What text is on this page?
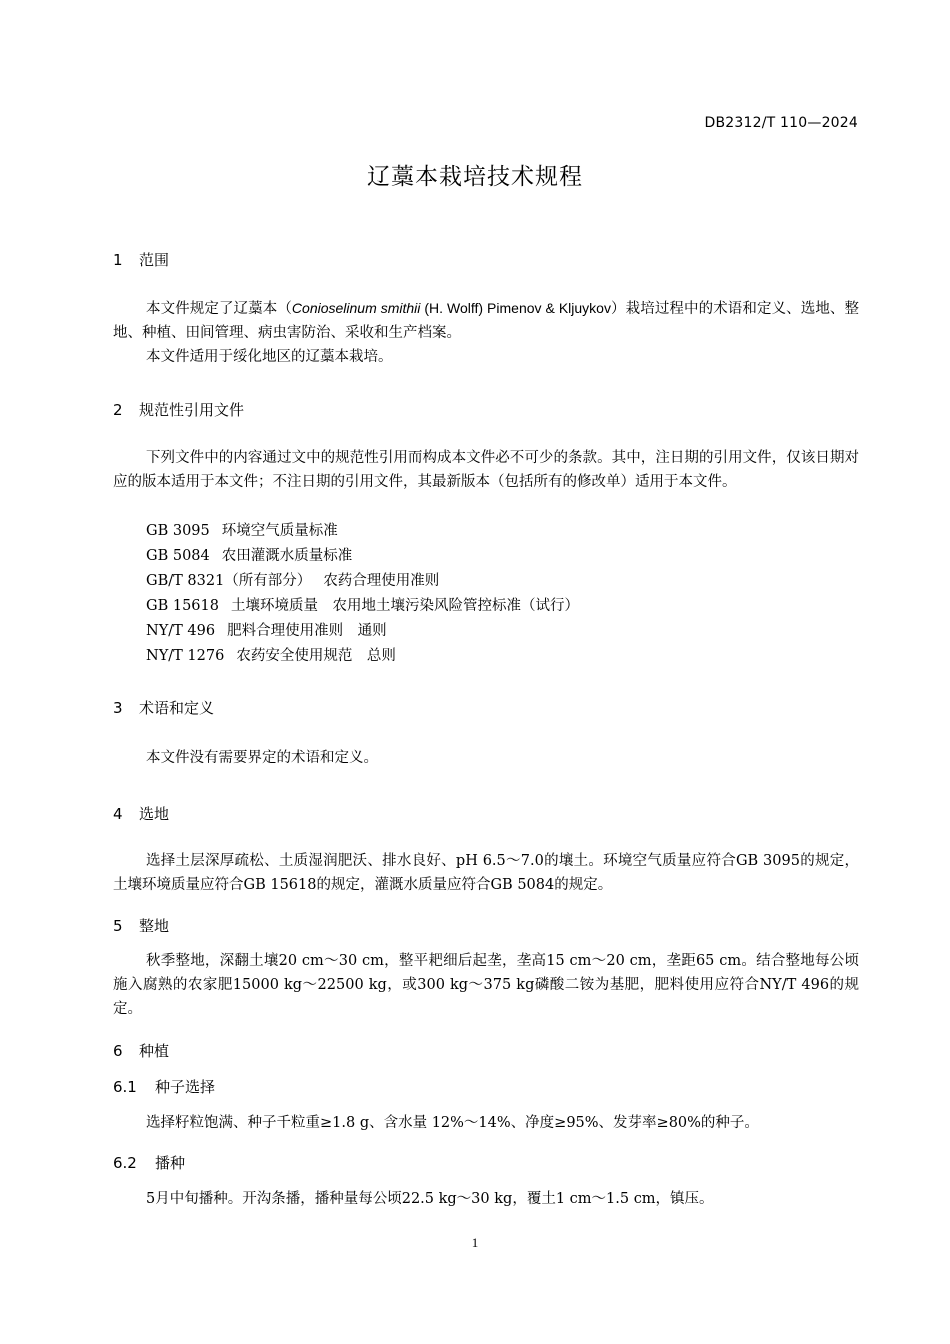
DB2312/T 110—2024
辽藁本栽培技术规程
1 范围
本文件规定了辽藁本（Conioselinum smithii (H. Wolff) Pimenov & Kljuykov）栽培过程中的术语和定义、选地、整地、种植、田间管理、病虫害防治、采收和生产档案。
本文件适用于绥化地区的辽藁本栽培。
2 规范性引用文件
下列文件中的内容通过文中的规范性引用而构成本文件必不可少的条款。其中，注日期的引用文件，仅该日期对应的版本适用于本文件；不注日期的引用文件，其最新版本（包括所有的修改单）适用于本文件。
GB 3095 环境空气质量标准
GB 5084 农田灌溉水质量标准
GB/T 8321（所有部分） 农药合理使用准则
GB 15618 土壤环境质量　农用地土壤污染风险管控标准（试行）
NY/T 496 肥料合理使用准则　通则
NY/T 1276 农药安全使用规范　总则
3 术语和定义
本文件没有需要界定的术语和定义。
4 选地
选择土层深厚疏松、土质湿润肥沃、排水良好、pH 6.5～7.0的壤土。环境空气质量应符合GB 3095的规定，土壤环境质量应符合GB 15618的规定，灌溉水质量应符合GB 5084的规定。
5 整地
秋季整地，深翻土壤20 cm～30 cm，整平耙细后起垄，垄高15 cm～20 cm，垄距65 cm。结合整地每公顷施入腐熟的农家肥15000 kg～22500 kg，或300 kg～375 kg磷酸二铵为基肥，肥料使用应符合NY/T 496的规定。
6 种植
6.1 种子选择
选择籽粒饱满、种子千粒重≥1.8 g、含水量 12%～14%、净度≥95%、发芽率≥80%的种子。
6.2 播种
5月中旬播种。开沟条播，播种量每公顷22.5 kg～30 kg，覆土1 cm～1.5 cm，镇压。
1
